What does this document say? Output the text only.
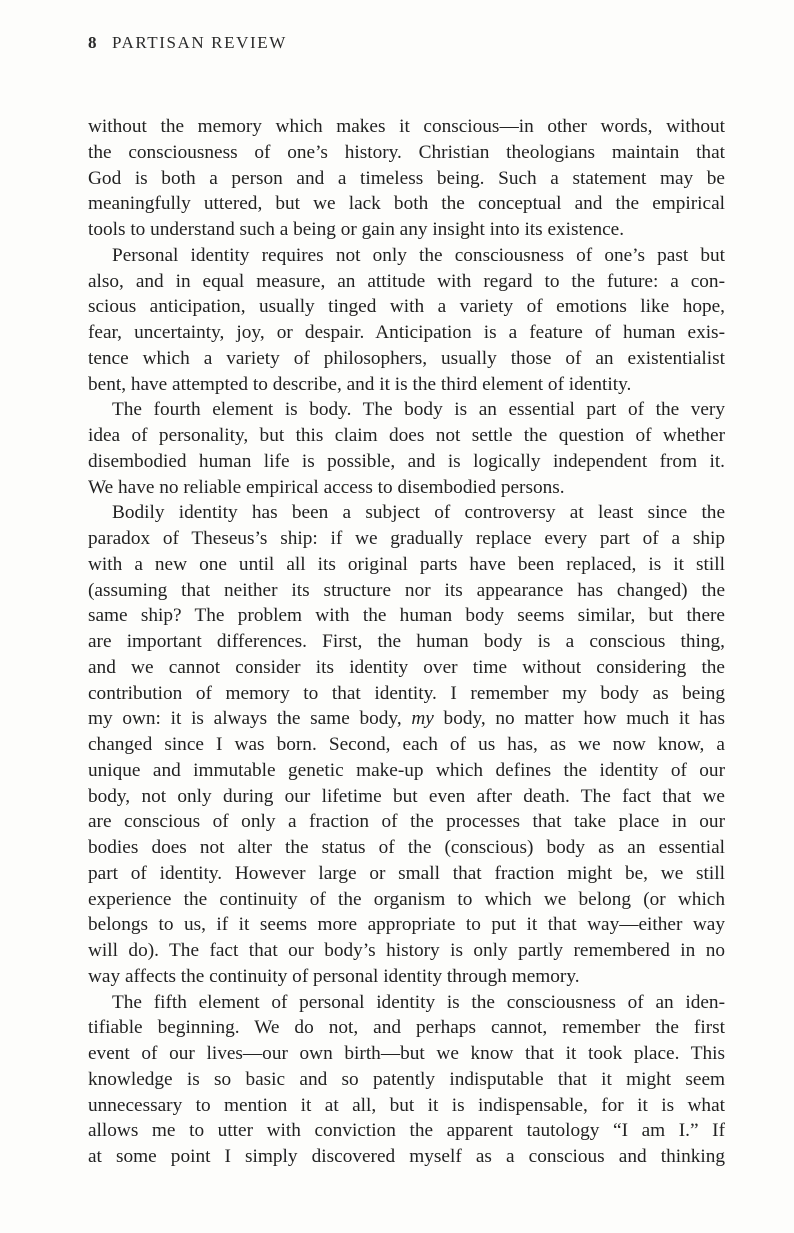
8 PARTISAN REVIEW
without the memory which makes it conscious—in other words, without
the consciousness of one’s history. Christian theologians maintain that
God is both a person and a timeless being. Such a statement may be
meaningfully uttered, but we lack both the conceptual and the empirical
tools to understand such a being or gain any insight into its existence.
Personal identity requires not only the consciousness of one’s past but
also, and in equal measure, an attitude with regard to the future: a con-
scious anticipation, usually tinged with a variety of emotions like hope,
fear, uncertainty, joy, or despair. Anticipation is a feature of human exis-
tence which a variety of philosophers, usually those of an existentialist
bent, have attempted to describe, and it is the third element of identity.
The fourth element is body. The body is an essential part of the very
idea of personality, but this claim does not settle the question of whether
disembodied human life is possible, and is logically independent from it.
We have no reliable empirical access to disembodied persons.
Bodily identity has been a subject of controversy at least since the
paradox of Theseus’s ship: if we gradually replace every part of a ship
with a new one until all its original parts have been replaced, is it still
(assuming that neither its structure nor its appearance has changed) the
same ship? The problem with the human body seems similar, but there
are important differences. First, the human body is a conscious thing,
and we cannot consider its identity over time without considering the
contribution of memory to that identity. I remember my body as being
my own: it is always the same body, my body, no matter how much it has
changed since I was born. Second, each of us has, as we now know, a
unique and immutable genetic make-up which defines the identity of our
body, not only during our lifetime but even after death. The fact that we
are conscious of only a fraction of the processes that take place in our
bodies does not alter the status of the (conscious) body as an essential
part of identity. However large or small that fraction might be, we still
experience the continuity of the organism to which we belong (or which
belongs to us, if it seems more appropriate to put it that way—either way
will do). The fact that our body’s history is only partly remembered in no
way affects the continuity of personal identity through memory.
The fifth element of personal identity is the consciousness of an iden-
tifiable beginning. We do not, and perhaps cannot, remember the first
event of our lives—our own birth—but we know that it took place. This
knowledge is so basic and so patently indisputable that it might seem
unnecessary to mention it at all, but it is indispensable, for it is what
allows me to utter with conviction the apparent tautology “I am I.” If
at some point I simply discovered myself as a conscious and thinking
